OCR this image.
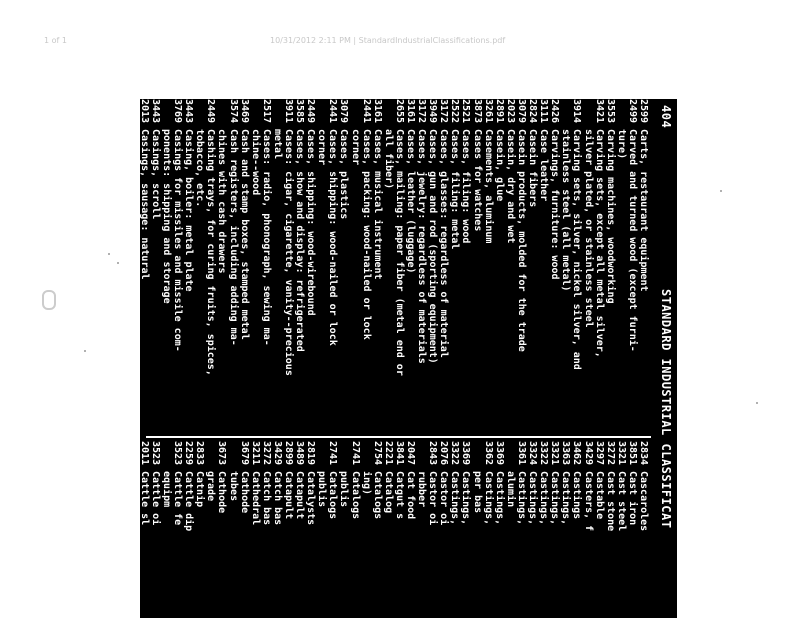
1 of 1	10/31/2012 2:11 PM | StandardIndustrialClassifications.pdf
404
STANDARD INDUSTRIAL CLASSIFICAT
2599
Carts, restaurant equipment
2499
Carved and turned wood (except furni-
ture)
3553
Carving machines, woodworking
3421
Carving sets, except all metal silver,
silver plated, or stainless steel
3914
Carving sets, silver, nickel silver, and
stainless steel (all metal)
2426
Carvings, furniture: wood
3111
Case leather
2824
Casein fibers
3079
Casein products, molded for the trade
2023
Casein, dry and wet
2891
Casein, glue
3261
Casements, aluminum
3873
Cases for watches
2521
Cases, filing: wood
2522
Cases, filing: metal
3172
Cases, glasses: regardless of material
3949
Cases, gun and rod (sporting equipment)
3172
Cases, jewelry: regardless of materials
3161
Cases, leather (luggage)
2655
Cases, mailing: paper fiber (metal end or
all fiber)
3161
Cases, musical instrument
2441
Cases, packing: wood-nailed or lock
corner
3079
Cases, plastics
2441
Cases, shipping: wood-nailed or lock
corner
2449
Cases, shipping: wood-wirebound
3585
Cases, show and display: refrigerated
3911
Cases: cigar, cigarette, vanity--precious
metal
2517
Cases: radio, phonograph, sewing ma-
chine--wood
3469
Cash and stamp boxes, stamped metal
3574
Cash registers, including adding ma-
chines with cash drawers
2449
Cashing trays, for curing fruits, spices,
tobacco, etc.
3443
Casing, boiler: metal plate
3769
Casings for missiles and missile com-
ponents: shipping and storage
3443
Casings, scroll
2013
Casings, sausage: natural
3443
Casings, sheet metal
3444
Casings, sheet metal
3429
Casket hardware
3995
Casket linings
3995
Caskets, metal and wood
3499
Caskets, wood: coopered
2834
Cascaroles
3851
Cast iron
3321
Cast steel
3272
Cast stone
3297
Castable
3429
Casters, f
3462
Castings
3363
Castings,
3321
Castings,
3322
Castings,
3324
Castings,
3361
Castings,
alumin
3369
Castings,
3362
Castings,
per bas
3369
Castings,
3322
Castings,
2076
Castor oi
2843
Castor oi
rubber
2047
Cat food
3841
Catgut s
2221
Catalog
2754
Catalogs
ing)
2741
Catalogs
publis
2741
Catalogs
publis
2819
Catalysts
3489
Catapult
2899
Catapult
3429
Catch bas
3272
Catch bas
3211
Cathedral
3679
Cathode
tubes
3673
Cathode
grade
2833
Catnip
2259
Cattle dip
3523
Cattle fe
equipm
3523
Cattle oi
2011
Cattle sl
2011
Caustic s
2812
Caustic p
2812
Caustic s
2432
Cedar oil
2861
Cedar so
2491
Ceiling ti
